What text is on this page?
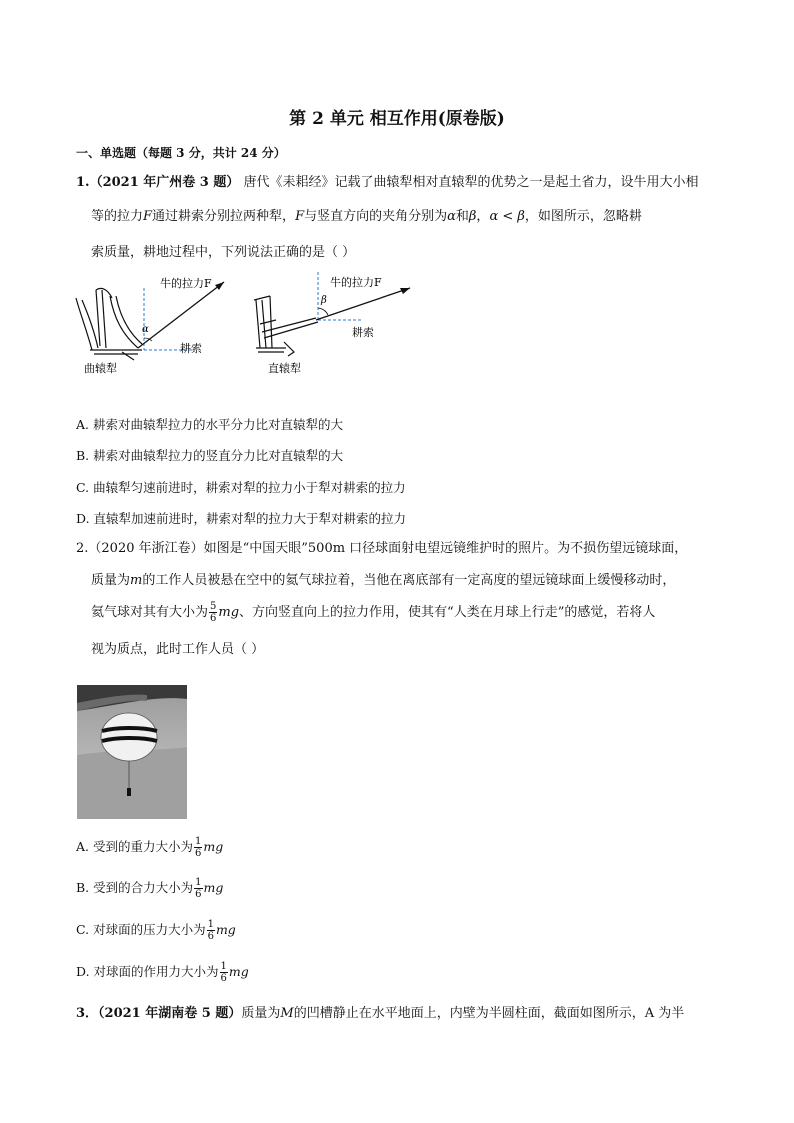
第 2 单元 相互作用(原卷版)
一、单选题（每题 3 分，共计 24 分）
1.（2021 年广州卷 3 题） 唐代《耒耜经》记载了曲辕犁相对直辕犁的优势之一是起土省力，设牛用大小相
等的拉力F通过耕索分别拉两种犁，F与竖直方向的夹角分别为α和β，α < β，如图所示，忽略耕
索质量，耕地过程中，下列说法正确的是（ ）
α
牛的拉力F
耕索
曲辕犁
β
牛的拉力F
耕索
直辕犁
A. 耕索对曲辕犁拉力的水平分力比对直辕犁的大
B. 耕索对曲辕犁拉力的竖直分力比对直辕犁的大
C. 曲辕犁匀速前进时，耕索对犁的拉力小于犁对耕索的拉力
D. 直辕犁加速前进时，耕索对犁的拉力大于犁对耕索的拉力
2.（2020 年浙江卷）如图是“中国天眼”500m 口径球面射电望远镜维护时的照片。为不损伤望远镜球面，
质量为m的工作人员被悬在空中的氦气球拉着，当他在离底部有一定高度的望远镜球面上缓慢移动时，
氦气球对其有大小为 $\frac{5}{6}$ mg、方向竖直向上的拉力作用，使其有“人类在月球上行走”的感觉，若将人
视为质点，此时工作人员（ ）
A. 受到的重力大小为 $\frac{1}{6}$ mg
B. 受到的合力大小为 $\frac{1}{6}$ mg
C. 对球面的压力大小为 $\frac{1}{6}$ mg
D. 对球面的作用力大小为 $\frac{1}{6}$ mg
3．（2021 年湖南卷 5 题）质量为M的凹槽静止在水平地面上，内壁为半圆柱面，截面如图所示，A 为半
